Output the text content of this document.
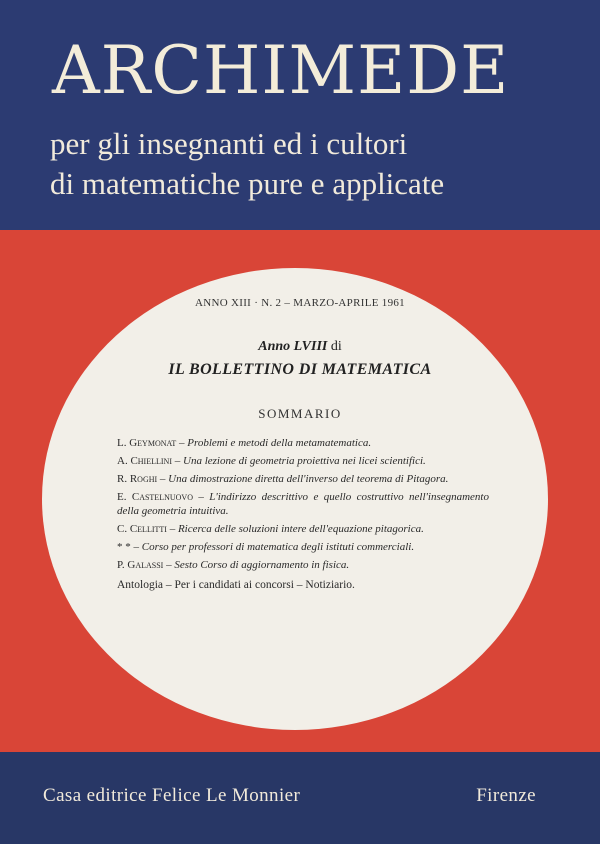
ARCHIMEDE
per gli insegnanti ed i cultori
di matematiche pure e applicate
ANNO XIII · N. 2 – MARZO-APRILE 1961
Anno LVIII di
IL BOLLETTINO DI MATEMATICA
SOMMARIO
L. Geymonat – Problemi e metodi della metamatematica.
A. Chiellini – Una lezione di geometria proiettiva nei licei scientifici.
R. Roghi – Una dimostrazione diretta dell'inverso del teorema di Pitagora.
E. Castelnuovo – L'indirizzo descrittivo e quello costruttivo nell'insegnamento della geometria intuitiva.
C. Cellitti – Ricerca delle soluzioni intere dell'equazione pitagorica.
* * – Corso per professori di matematica degli istituti commerciali.
P. Galassi – Sesto Corso di aggiornamento in fisica.
Antologia – Per i candidati ai concorsi – Notiziario.
Casa editrice Felice Le Monnier	Firenze
